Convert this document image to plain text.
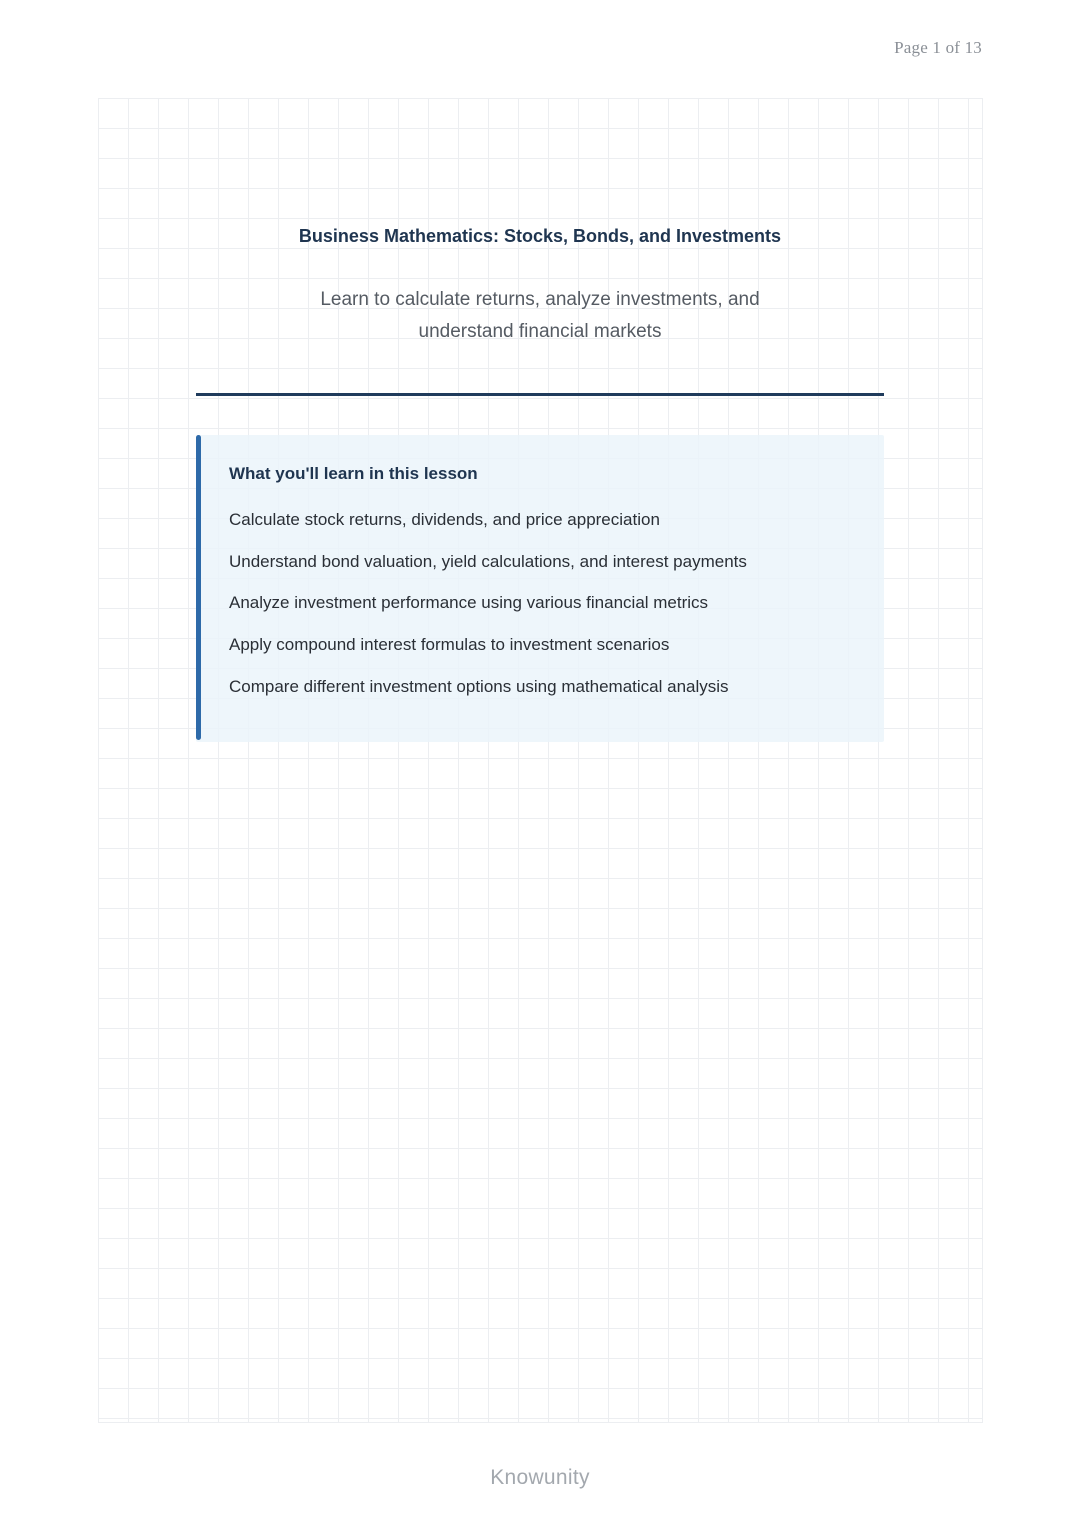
Page 1 of 13
Business Mathematics: Stocks, Bonds, and Investments
Learn to calculate returns, analyze investments, and understand financial markets
What you'll learn in this lesson
Calculate stock returns, dividends, and price appreciation
Understand bond valuation, yield calculations, and interest payments
Analyze investment performance using various financial metrics
Apply compound interest formulas to investment scenarios
Compare different investment options using mathematical analysis
Knowunity
